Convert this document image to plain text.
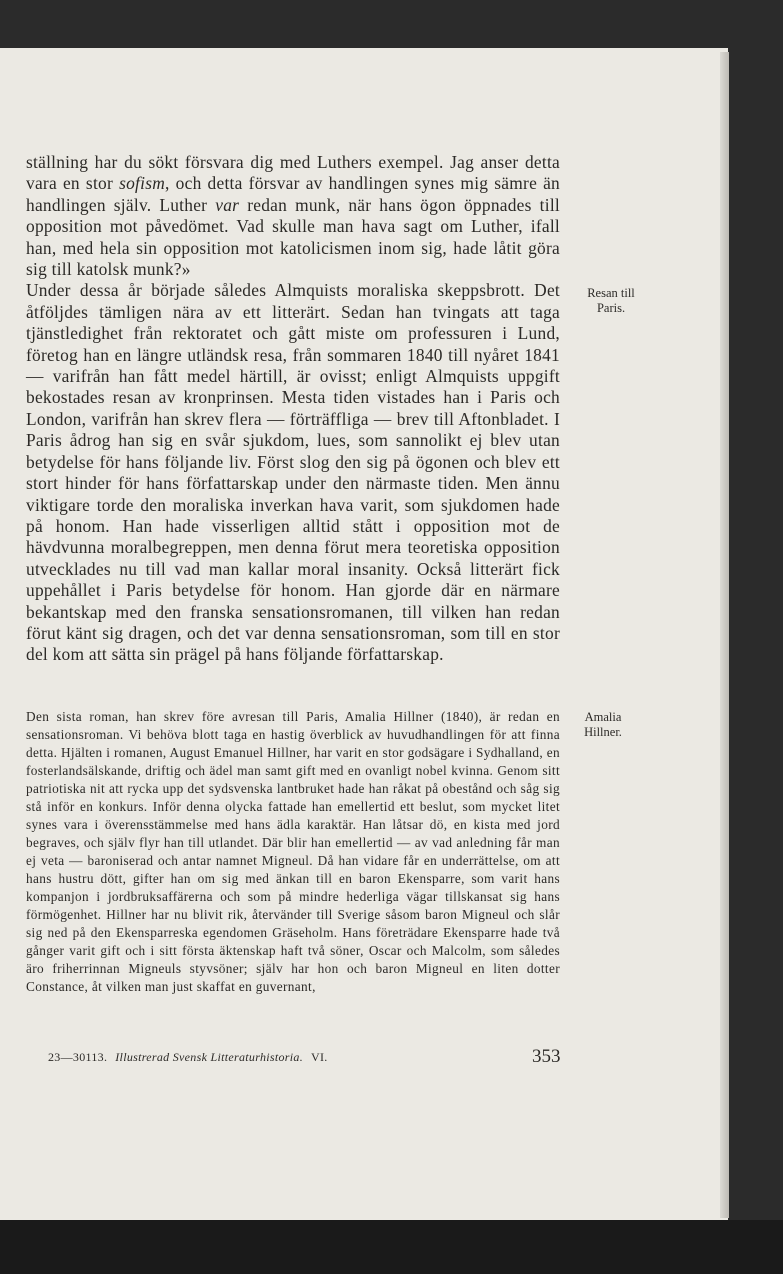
ställning har du sökt försvara dig med Luthers exempel. Jag anser detta vara en stor sofism, och detta försvar av handlingen synes mig sämre än handlingen själv. Luther var redan munk, när hans ögon öppnades till opposition mot påvedömet. Vad skulle man hava sagt om Luther, ifall han, med hela sin opposition mot katolicismen inom sig, hade låtit göra sig till katolsk munk?»

Under dessa år började således Almquists moraliska skeppsbrott. Det åtföljdes tämligen nära av ett litterärt. Sedan han tvingats att taga tjänstledighet från rektoratet och gått miste om professuren i Lund, företog han en längre utländsk resa, från sommaren 1840 till nyåret 1841 — varifrån han fått medel härtill, är ovisst; enligt Almquists uppgift bekostades resan av kronprinsen. Mesta tiden vistades han i Paris och London, varifrån han skrev flera — förträffliga — brev till Aftonbladet. I Paris ådrog han sig en svår sjukdom, lues, som sannolikt ej blev utan betydelse för hans följande liv. Först slog den sig på ögonen och blev ett stort hinder för hans författarskap under den närmaste tiden. Men ännu viktigare torde den moraliska inverkan hava varit, som sjukdomen hade på honom. Han hade visserligen alltid stått i opposition mot de hävdvunna moralbegreppen, men denna förut mera teoretiska opposition utvecklades nu till vad man kallar moral insanity. Också litterärt fick uppehållet i Paris betydelse för honom. Han gjorde där en närmare bekantskap med den franska sensationsromanen, till vilken han redan förut känt sig dragen, och det var denna sensationsroman, som till en stor del kom att sätta sin prägel på hans följande författarskap.

Resan till
Paris.

Den sista roman, han skrev före avresan till Paris, Amalia Hillner (1840), är redan en sensationsroman. Vi behöva blott taga en hastig överblick av huvudhandlingen för att finna detta. Hjälten i romanen, August Emanuel Hillner, har varit en stor godsägare i Sydhalland, en fosterlandsälskande, driftig och ädel man samt gift med en ovanligt nobel kvinna. Genom sitt patriotiska nit att rycka upp det sydsvenska lantbruket hade han råkat på obestånd och såg sig stå inför en konkurs. Inför denna olycka fattade han emellertid ett beslut, som mycket litet synes vara i överensstämmelse med hans ädla karaktär. Han låtsar dö, en kista med jord begraves, och själv flyr han till utlandet. Där blir han emellertid — av vad anledning får man ej veta — baroniserad och antar namnet Migneul. Då han vidare får en underrättelse, om att hans hustru dött, gifter han om sig med änkan till en baron Ekensparre, som varit hans kompanjon i jordbruksaffärerna och som på mindre hederliga vägar tillskansat sig hans förmögenhet. Hillner har nu blivit rik, återvänder till Sverige såsom baron Migneul och slår sig ned på den Ekensparreska egendomen Gräseholm. Hans företrädare Ekensparre hade två gånger varit gift och i sitt första äktenskap haft två söner, Oscar och Malcolm, som således äro friherrinnan Migneuls styvsöner; själv har hon och baron Migneul en liten dotter Constance, åt vilken man just skaffat en guvernant,

Amalia
Hillner.
23—30113. Illustrerad Svensk Litteraturhistoria. VI.	353
